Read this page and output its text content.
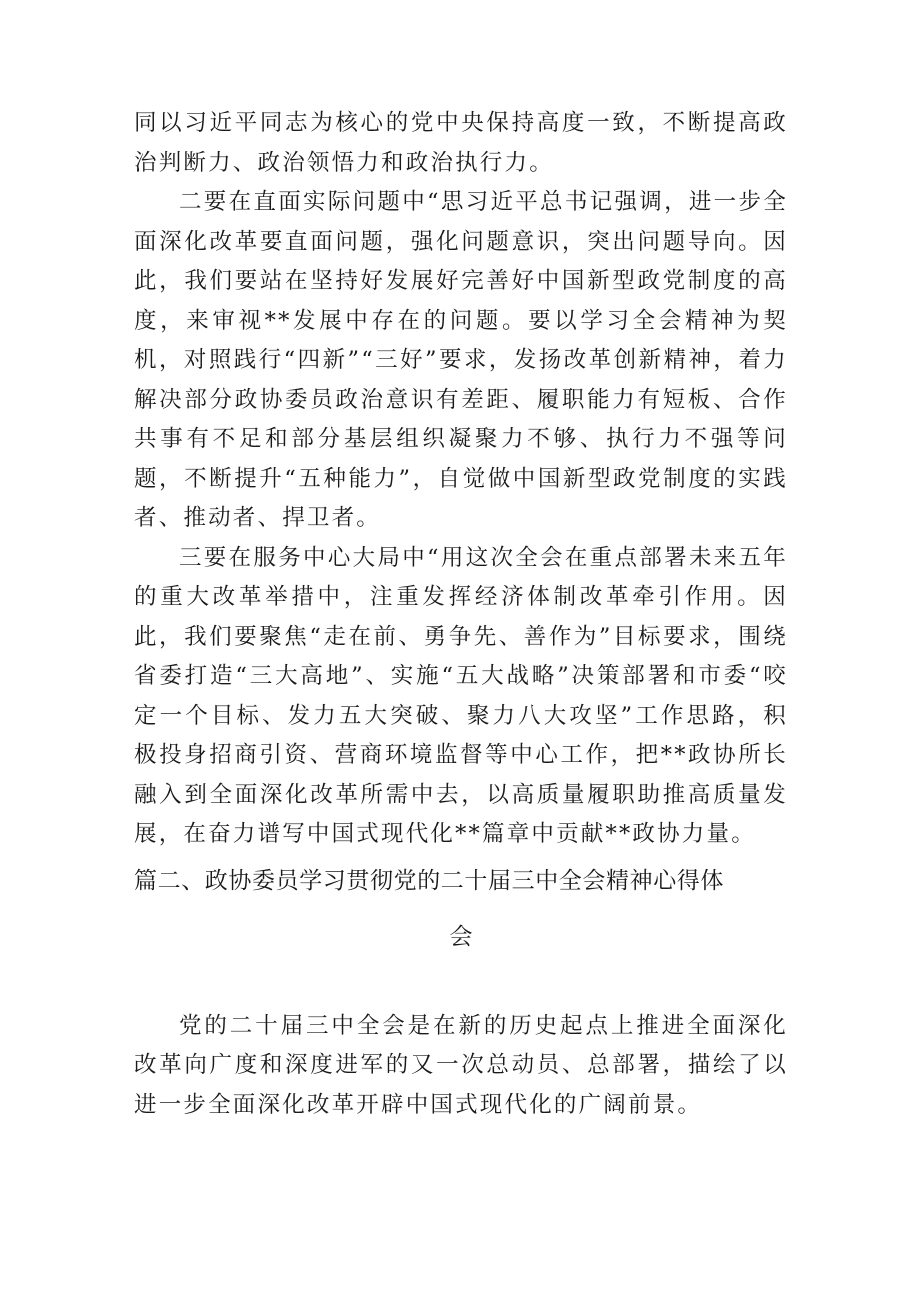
同以习近平同志为核心的党中央保持高度一致，不断提高政治判断力、政治领悟力和政治执行力。

二要在直面实际问题中“思习近平总书记强调，进一步全面深化改革要直面问题，强化问题意识，突出问题导向。因此，我们要站在坚持好发展好完善好中国新型政党制度的高度，来审视**发展中存在的问题。要以学习全会精神为契机，对照践行“四新”“三好”要求，发扬改革创新精神，着力解决部分政协委员政治意识有差距、履职能力有短板、合作共事有不足和部分基层组织凝聚力不够、执行力不强等问题，不断提升“五种能力”，自觉做中国新型政党制度的实践者、推动者、捍卫者。

三要在服务中心大局中“用这次全会在重点部署未来五年的重大改革举措中，注重发挥经济体制改革牵引作用。因此，我们要聚焦“走在前、勇争先、善作为”目标要求，围绕省委打造“三大高地”、实施“五大战略”决策部署和市委“咬定一个目标、发力五大突破、聚力八大攻坚”工作思路，积极投身招商引资、营商环境监督等中心工作，把**政协所长融入到全面深化改革所需中去，以高质量履职助推高质量发展，在奋力谱写中国式现代化**篇章中贡献**政协力量。

篇二、政协委员学习贯彻党的二十届三中全会精神心得体
会

党的二十届三中全会是在新的历史起点上推进全面深化改革向广度和深度进军的又一次总动员、总部署，描绘了以进一步全面深化改革开辟中国式现代化的广阔前景。
